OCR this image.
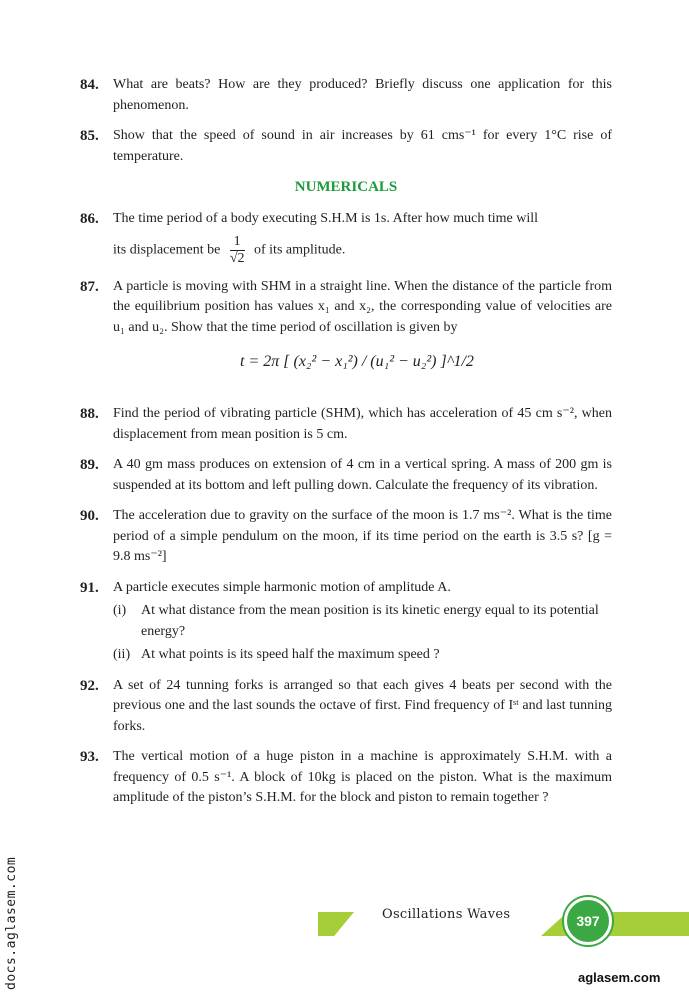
84. What are beats? How are they produced? Briefly discuss one application for this phenomenon.
85. Show that the speed of sound in air increases by 61 cms⁻¹ for every 1°C rise of temperature.
NUMERICALS
86. The time period of a body executing S.H.M is 1s. After how much time will
its displacement be $\frac{1}{√2}$ of its amplitude.
87. A particle is moving with SHM in a straight line. When the distance of the particle from the equilibrium position has values x₁ and x₂, the corresponding value of velocities are u₁ and u₂. Show that the time period of oscillation is given by
t = 2π [ (x₂² − x₁²) / (u₁² − u₂²) ]^1/2
88. Find the period of vibrating particle (SHM), which has acceleration of 45 cm s⁻², when displacement from mean position is 5 cm.
89. A 40 gm mass produces on extension of 4 cm in a vertical spring. A mass of 200 gm is suspended at its bottom and left pulling down. Calculate the frequency of its vibration.
90. The acceleration due to gravity on the surface of the moon is 1.7 ms⁻². What is the time period of a simple pendulum on the moon, if its time period on the earth is 3.5 s? [g = 9.8 ms⁻²]
91. A particle executes simple harmonic motion of amplitude A.
(i) At what distance from the mean position is its kinetic energy equal to its potential energy?
(ii) At what points is its speed half the maximum speed ?
92. A set of 24 tunning forks is arranged so that each gives 4 beats per second with the previous one and the last sounds the octave of first. Find frequency of Iˢᵗ and last tunning forks.
93. The vertical motion of a huge piston in a machine is approximately S.H.M. with a frequency of 0.5 s⁻¹. A block of 10kg is placed on the piston. What is the maximum amplitude of the piston’s S.H.M. for the block and piston to remain together ?
Oscillations Waves	397
aglasem.com
docs.aglasem.com
